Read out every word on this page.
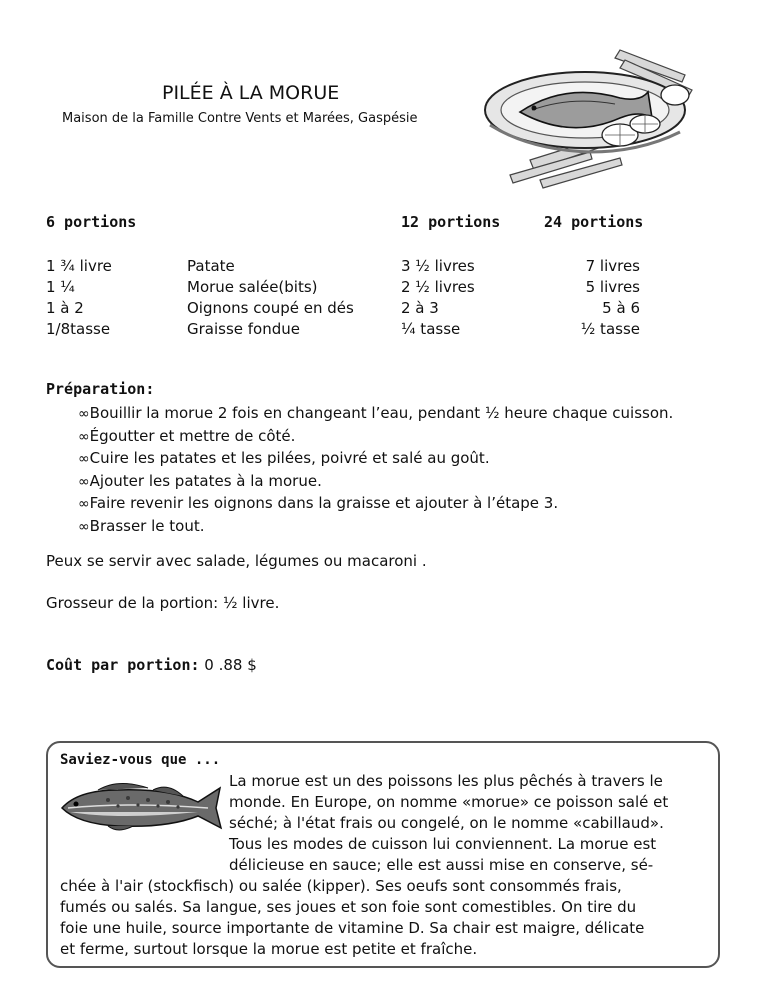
PILÉE À LA MORUE
Maison de la Famille Contre Vents et Marées, Gaspésie
6 portions	12 portions	24 portions
1 ¾ livre
1 ¼
1 à 2
1/8tasse
Patate
Morue salée(bits)
Oignons coupé en dés
Graisse fondue
3 ½ livres
2 ½ livres
2 à 3
¼ tasse
7 livres
5 livres
5 à 6
½ tasse
Préparation:
∞Bouillir la morue 2 fois en changeant l’eau, pendant ½ heure chaque cuisson.
∞Égoutter et mettre de côté.
∞Cuire les patates et les pilées, poivré et salé au goût.
∞Ajouter les patates à la morue.
∞Faire revenir les oignons dans la graisse et ajouter à l’étape 3.
∞Brasser le tout.
Peux se servir avec salade, légumes ou macaroni .
Grosseur de la portion: ½ livre.
Coût par portion: 0 .88 $
Saviez-vous que ...
La morue est un des poissons les plus pêchés à travers le
monde. En Europe, on nomme «morue» ce poisson salé et
séché; à l'état frais ou congelé, on le nomme «cabillaud».
Tous les modes de cuisson lui conviennent. La morue est
délicieuse en sauce; elle est aussi mise en conserve, sé-
chée à l'air (stockfisch) ou salée (kipper). Ses oeufs sont consommés frais,
fumés ou salés. Sa langue, ses joues et son foie sont comestibles. On tire du
foie une huile, source importante de vitamine D. Sa chair est maigre, délicate
et ferme, surtout lorsque la morue est petite et fraîche.
